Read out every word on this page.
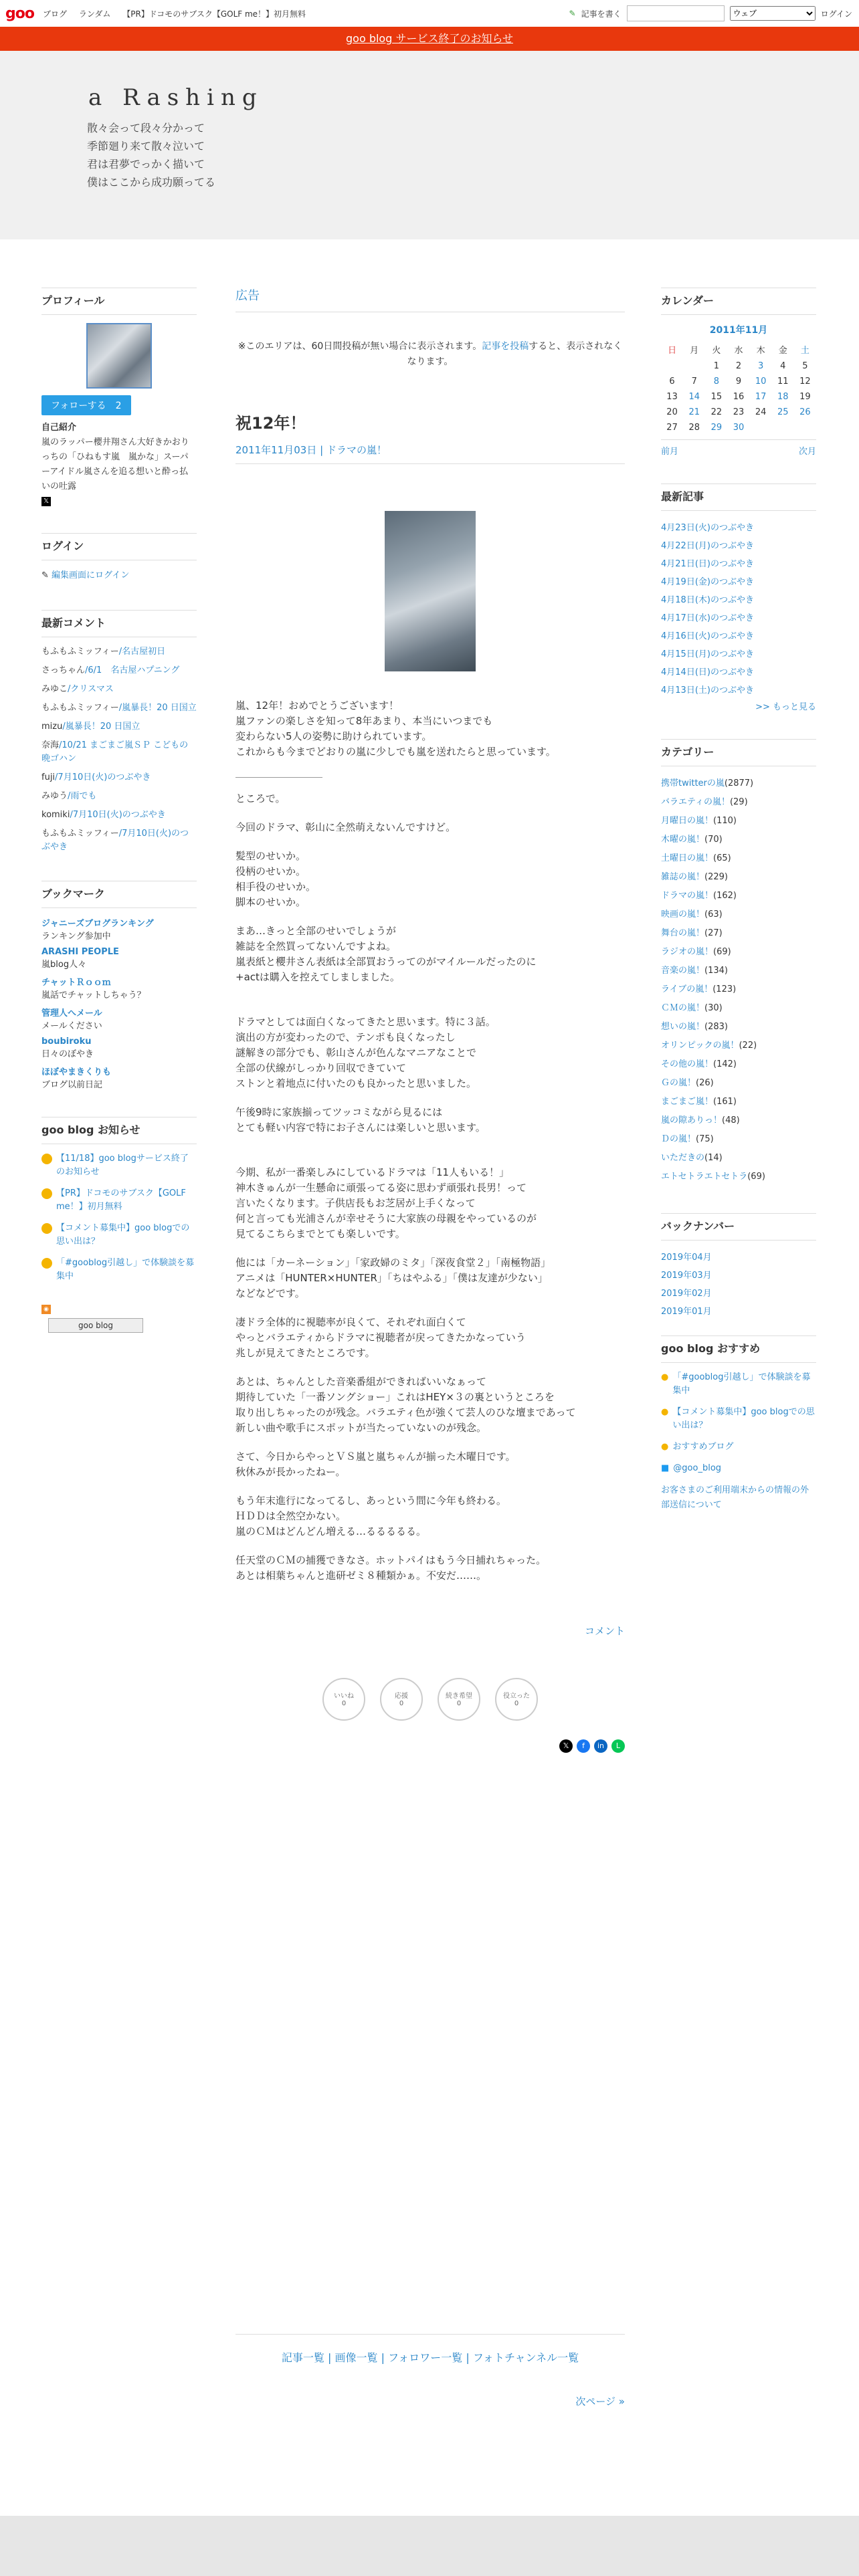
goo ブログ ランダム 【PR】ドコモのサブスク【GOLF me！】初月無料	✎ 記事を書く
ウェブ	ログイン
goo blog サービス終了のお知らせ
a Rashing
散々会って段々分かって
季節廻り来て散々泣いて
君は君夢でっかく描いて
僕はここから成功願ってる
プロフィール
フォローする　 2
自己紹介
嵐のラッパー櫻井翔さん大好きかおりっちの「ひねもす嵐　嵐かな」スーパーアイドル嵐さんを追る想いと酔っ払いの吐露
𝕏
ログイン
✎ 編集画面にログイン
最新コメント
もふもふミッフィー/名古屋初日
さっちゃん/6/1　名古屋ハプニング
みゆこ/クリスマス
もふもふミッフィー/嵐暴長！20 日国立
mizu/嵐暴長！20 日国立
奈海/10/21 まごまご嵐ＳＰ こどもの晩ゴハン
fuji/7月10日(火)のつぶやき
みゆう/雨でも
komiki/7月10日(火)のつぶやき
もふもふミッフィー/7月10日(火)のつぶやき
ブックマーク
ジャニーズブログランキング
ランキング参加中
ARASHI PEOPLE
嵐blog人々
チャットＲｏｏｍ
嵐話でチャットしちゃう？
管理人へメール
メールください
boubiroku
日々のぼやき
ほぼやまきくりも
ブログ以前日記
goo blog お知らせ
【11/18】goo blogサービス終了のお知らせ
【PR】ドコモのサブスク【GOLF me！】初月無料
【コメント募集中】goo blogでの思い出は？
「#gooblog引越し」で体験談を募集中
◉
goo blog
広告
※このエリアは、60日間投稿が無い場合に表示されます。記事を投稿すると、表示されなくなります。
祝12年！
2011年11月03日 | ドラマの嵐！

嵐、12年！おめでとうございます！
嵐ファンの楽しさを知って8年あまり、本当にいつまでも
変わらない5人の姿勢に助けられています。
これからも今までどおりの嵐に少しでも嵐を送れたらと思っています。

ところで。

今回のドラマ、彰山に全然萌えないんですけど。

髪型のせいか。
役柄のせいか。
相手役のせいか。
脚本のせいか。

まあ…きっと全部のせいでしょうが
雑誌を全然買ってないんですよね。
嵐表紙と櫻井さん表紙は全部買おうってのがマイルールだったのに
+actは購入を控えてしましました。

ドラマとしては面白くなってきたと思います。特に３話。
演出の方が変わったので、テンポも良くなったし
謎解きの部分でも、彰山さんが色んなマニアなことで
全部の伏線がしっかり回収できていて
ストンと着地点に付いたのも良かったと思いました。

午後9時に家族揃ってツッコミながら見るには
とても軽い内容で特にお子さんには楽しいと思います。

今期、私が一番楽しみにしているドラマは「11人もいる！」
神木きゅんが一生懸命に頑張ってる姿に思わず頑張れ長男！って
言いたくなります。子供店長もお芝居が上手くなって
何と言っても光浦さんが幸せそうに大家族の母親をやっているのが
見てるこちらまでとても楽しいです。

他には「カーネーション」「家政婦のミタ」「深夜食堂２」「南極物語」
アニメは「HUNTER×HUNTER」「ちはやふる」「僕は友達が少ない」
などなどです。

凄ドラ全体的に視聴率が良くて、それぞれ面白くて
やっとバラエティからドラマに視聴者が戻ってきたかなっていう
兆しが見えてきたところです。

あとは、ちゃんとした音楽番組ができればいいなぁって
期待していた「一番ソングショー」これはHEY×３の裏というところを
取り出しちゃったのが残念。バラエティ色が強くて芸人のひな壇まであって
新しい曲や歌手にスポットが当たっていないのが残念。

さて、今日からやっとＶＳ嵐と嵐ちゃんが揃った木曜日です。
秋休みが長かったねー。

もう年末進行になってるし、あっという間に今年も終わる。
ＨＤＤは全然空かない。
嵐のＣＭはどんどん増える…るるるるる。

任天堂のＣＭの捕獲できなさ。ホットパイはもう今日捕れちゃった。
あとは相葉ちゃんと進研ゼミ８種類かぁ。不安だ……。

コメント
いいね
0
応援
0
続き希望
0
役立った
0
𝕏	f	in	L
記事一覧 | 画像一覧 | フォロワー一覧 | フォトチャンネル一覧
次ページ »
カレンダー
2011年11月
日	月	火	水	木	金	土
		1	2	3	4	5
6	7	8	9	10	11	12
13	14	15	16	17	18	19
20	21	22	23	24	25	26
27	28	29	30			
前月	次月
最新記事
4月23日(火)のつぶやき
4月22日(月)のつぶやき
4月21日(日)のつぶやき
4月19日(金)のつぶやき
4月18日(木)のつぶやき
4月17日(水)のつぶやき
4月16日(火)のつぶやき
4月15日(月)のつぶやき
4月14日(日)のつぶやき
4月13日(土)のつぶやき
>> もっと見る
カテゴリー
携帯twitterの嵐(2877)
バラエティの嵐！(29)
月曜日の嵐！(110)
木曜の嵐！(70)
土曜日の嵐！(65)
雑誌の嵐！(229)
ドラマの嵐！(162)
映画の嵐！(63)
舞台の嵐！(27)
ラジオの嵐！(69)
音楽の嵐！(134)
ライブの嵐！(123)
ＣＭの嵐！(30)
想いの嵐！(283)
オリンピックの嵐！(22)
その他の嵐！(142)
Ｇの嵐！(26)
まごまご嵐！(161)
嵐の隙ありっ！(48)
Ｄの嵐！(75)
いただきの(14)
エトセトラエトセトラ(69)
バックナンバー
2019年04月
2019年03月
2019年02月
2019年01月
goo blog おすすめ
● 「#gooblog引越し」で体験談を募集中
● 【コメント募集中】goo blogでの思い出は？
● おすすめブログ
■ @goo_blog
お客さまのご利用端末からの情報の外部送信について
